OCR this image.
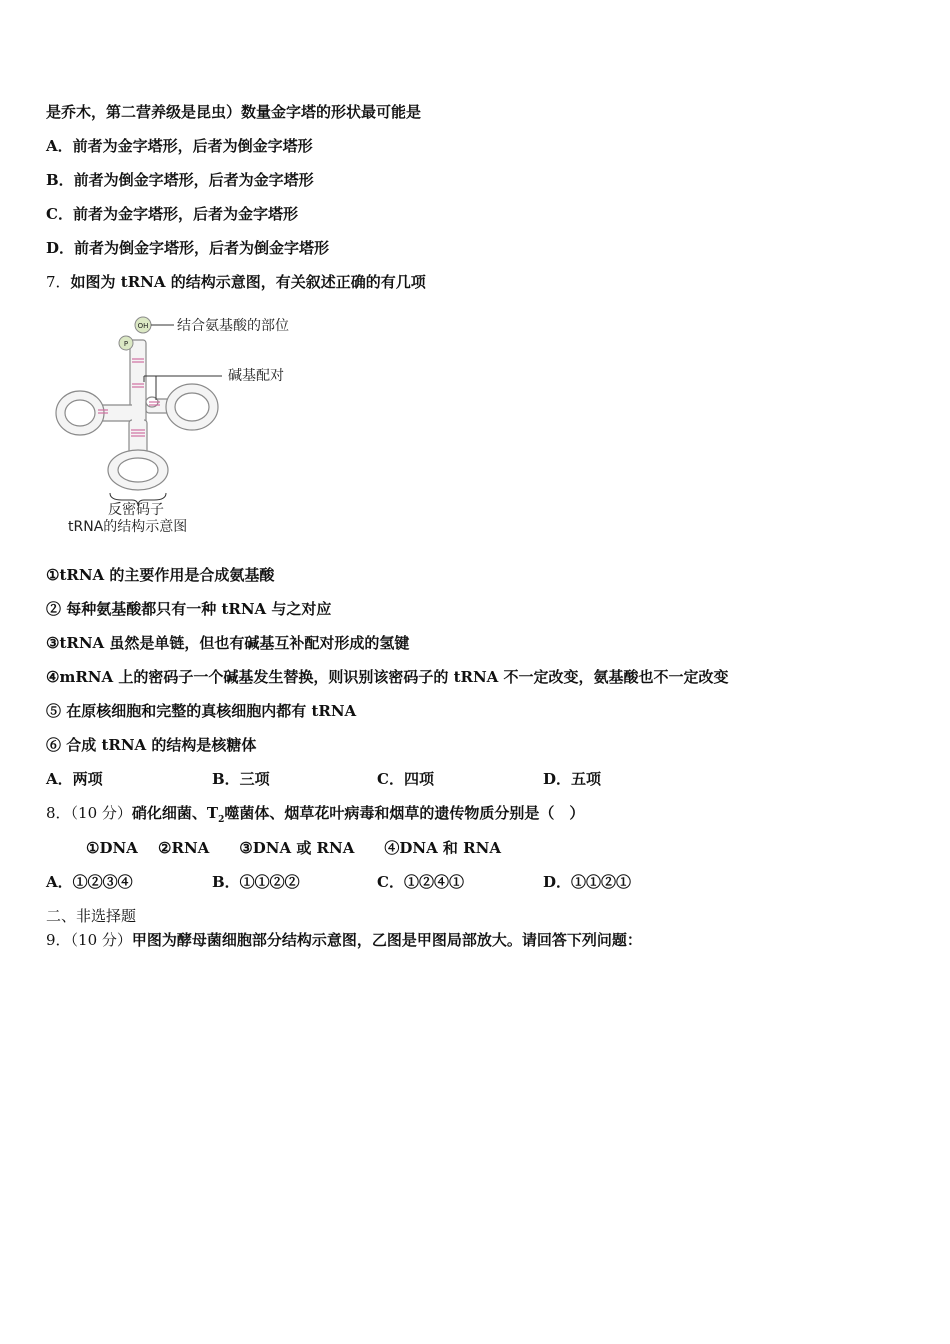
是乔木，第二营养级是昆虫）数量金字塔的形状最可能是
A．前者为金字塔形，后者为倒金字塔形
B．前者为倒金字塔形，后者为金字塔形
C．前者为金字塔形，后者为金字塔形
D．前者为倒金字塔形，后者为倒金字塔形
7．如图为 tRNA 的结构示意图，有关叙述正确的有几项
OH
P
结合氨基酸的部位
碱基配对
反密码子
tRNA的结构示意图
①tRNA 的主要作用是合成氨基酸
② 每种氨基酸都只有一种 tRNA 与之对应
③tRNA 虽然是单链，但也有碱基互补配对形成的氢键
④mRNA 上的密码子一个碱基发生替换，则识别该密码子的 tRNA 不一定改变，氨基酸也不一定改变
⑤ 在原核细胞和完整的真核细胞内都有 tRNA
⑥ 合成 tRNA 的结构是核糖体
A．两项	B．三项	C．四项	D．五项
8．（10 分）硝化细菌、$T_2$噬菌体、烟草花叶病毒和烟草的遗传物质分别是（　）
①DNA　 ②RNA　　③DNA 或 RNA　　④DNA 和 RNA
A．①②③④	B．①①②②	C．①②④①	D．①①②①
二、非选择题
9．（10 分）甲图为酵母菌细胞部分结构示意图，乙图是甲图局部放大。请回答下列问题：
